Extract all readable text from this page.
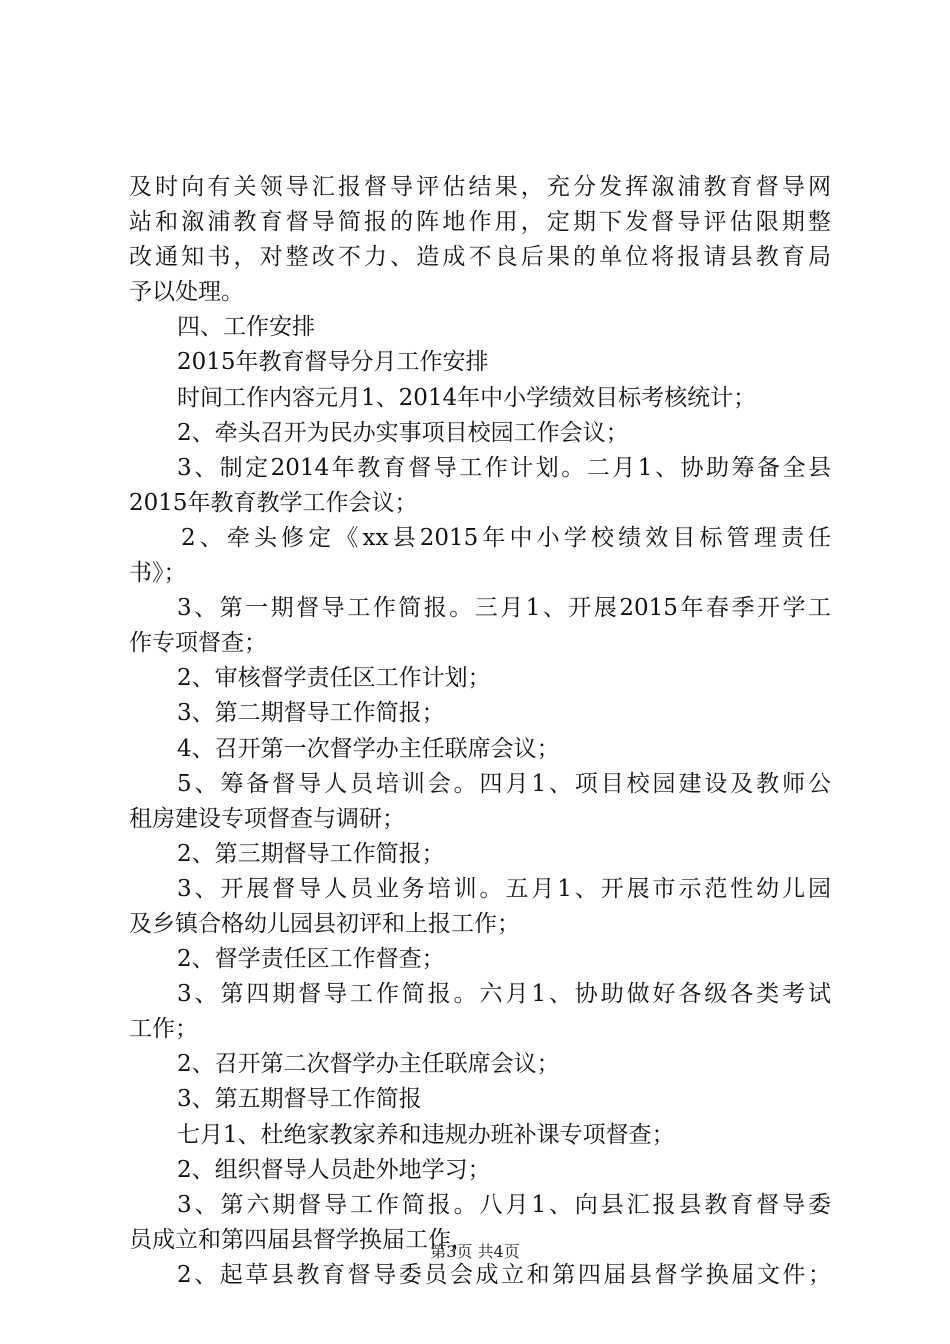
及时向有关领导汇报督导评估结果，充分发挥溆浦教育督导网
站和溆浦教育督导简报的阵地作用，定期下发督导评估限期整
改通知书，对整改不力、造成不良后果的单位将报请县教育局
予以处理。
四、工作安排
2015年教育督导分月工作安排
时间工作内容元月1、2014年中小学绩效目标考核统计；
2、牵头召开为民办实事项目校园工作会议；
3、制定2014年教育督导工作计划。二月1、协助筹备全县
2015年教育教学工作会议；
2、牵头修定《xx县2015年中小学校绩效目标管理责任
书》；
3、第一期督导工作简报。三月1、开展2015年春季开学工
作专项督查；
2、审核督学责任区工作计划；
3、第二期督导工作简报；
4、召开第一次督学办主任联席会议；
5、筹备督导人员培训会。四月1、项目校园建设及教师公
租房建设专项督查与调研；
2、第三期督导工作简报；
3、开展督导人员业务培训。五月1、开展市示范性幼儿园
及乡镇合格幼儿园县初评和上报工作；
2、督学责任区工作督查；
3、第四期督导工作简报。六月1、协助做好各级各类考试
工作；
2、召开第二次督学办主任联席会议；
3、第五期督导工作简报
七月1、杜绝家教家养和违规办班补课专项督查；
2、组织督导人员赴外地学习；
3、第六期督导工作简报。八月1、向县汇报县教育督导委
员成立和第四届县督学换届工作，
2、起草县教育督导委员会成立和第四届县督学换届文件；
第3页 共4页
